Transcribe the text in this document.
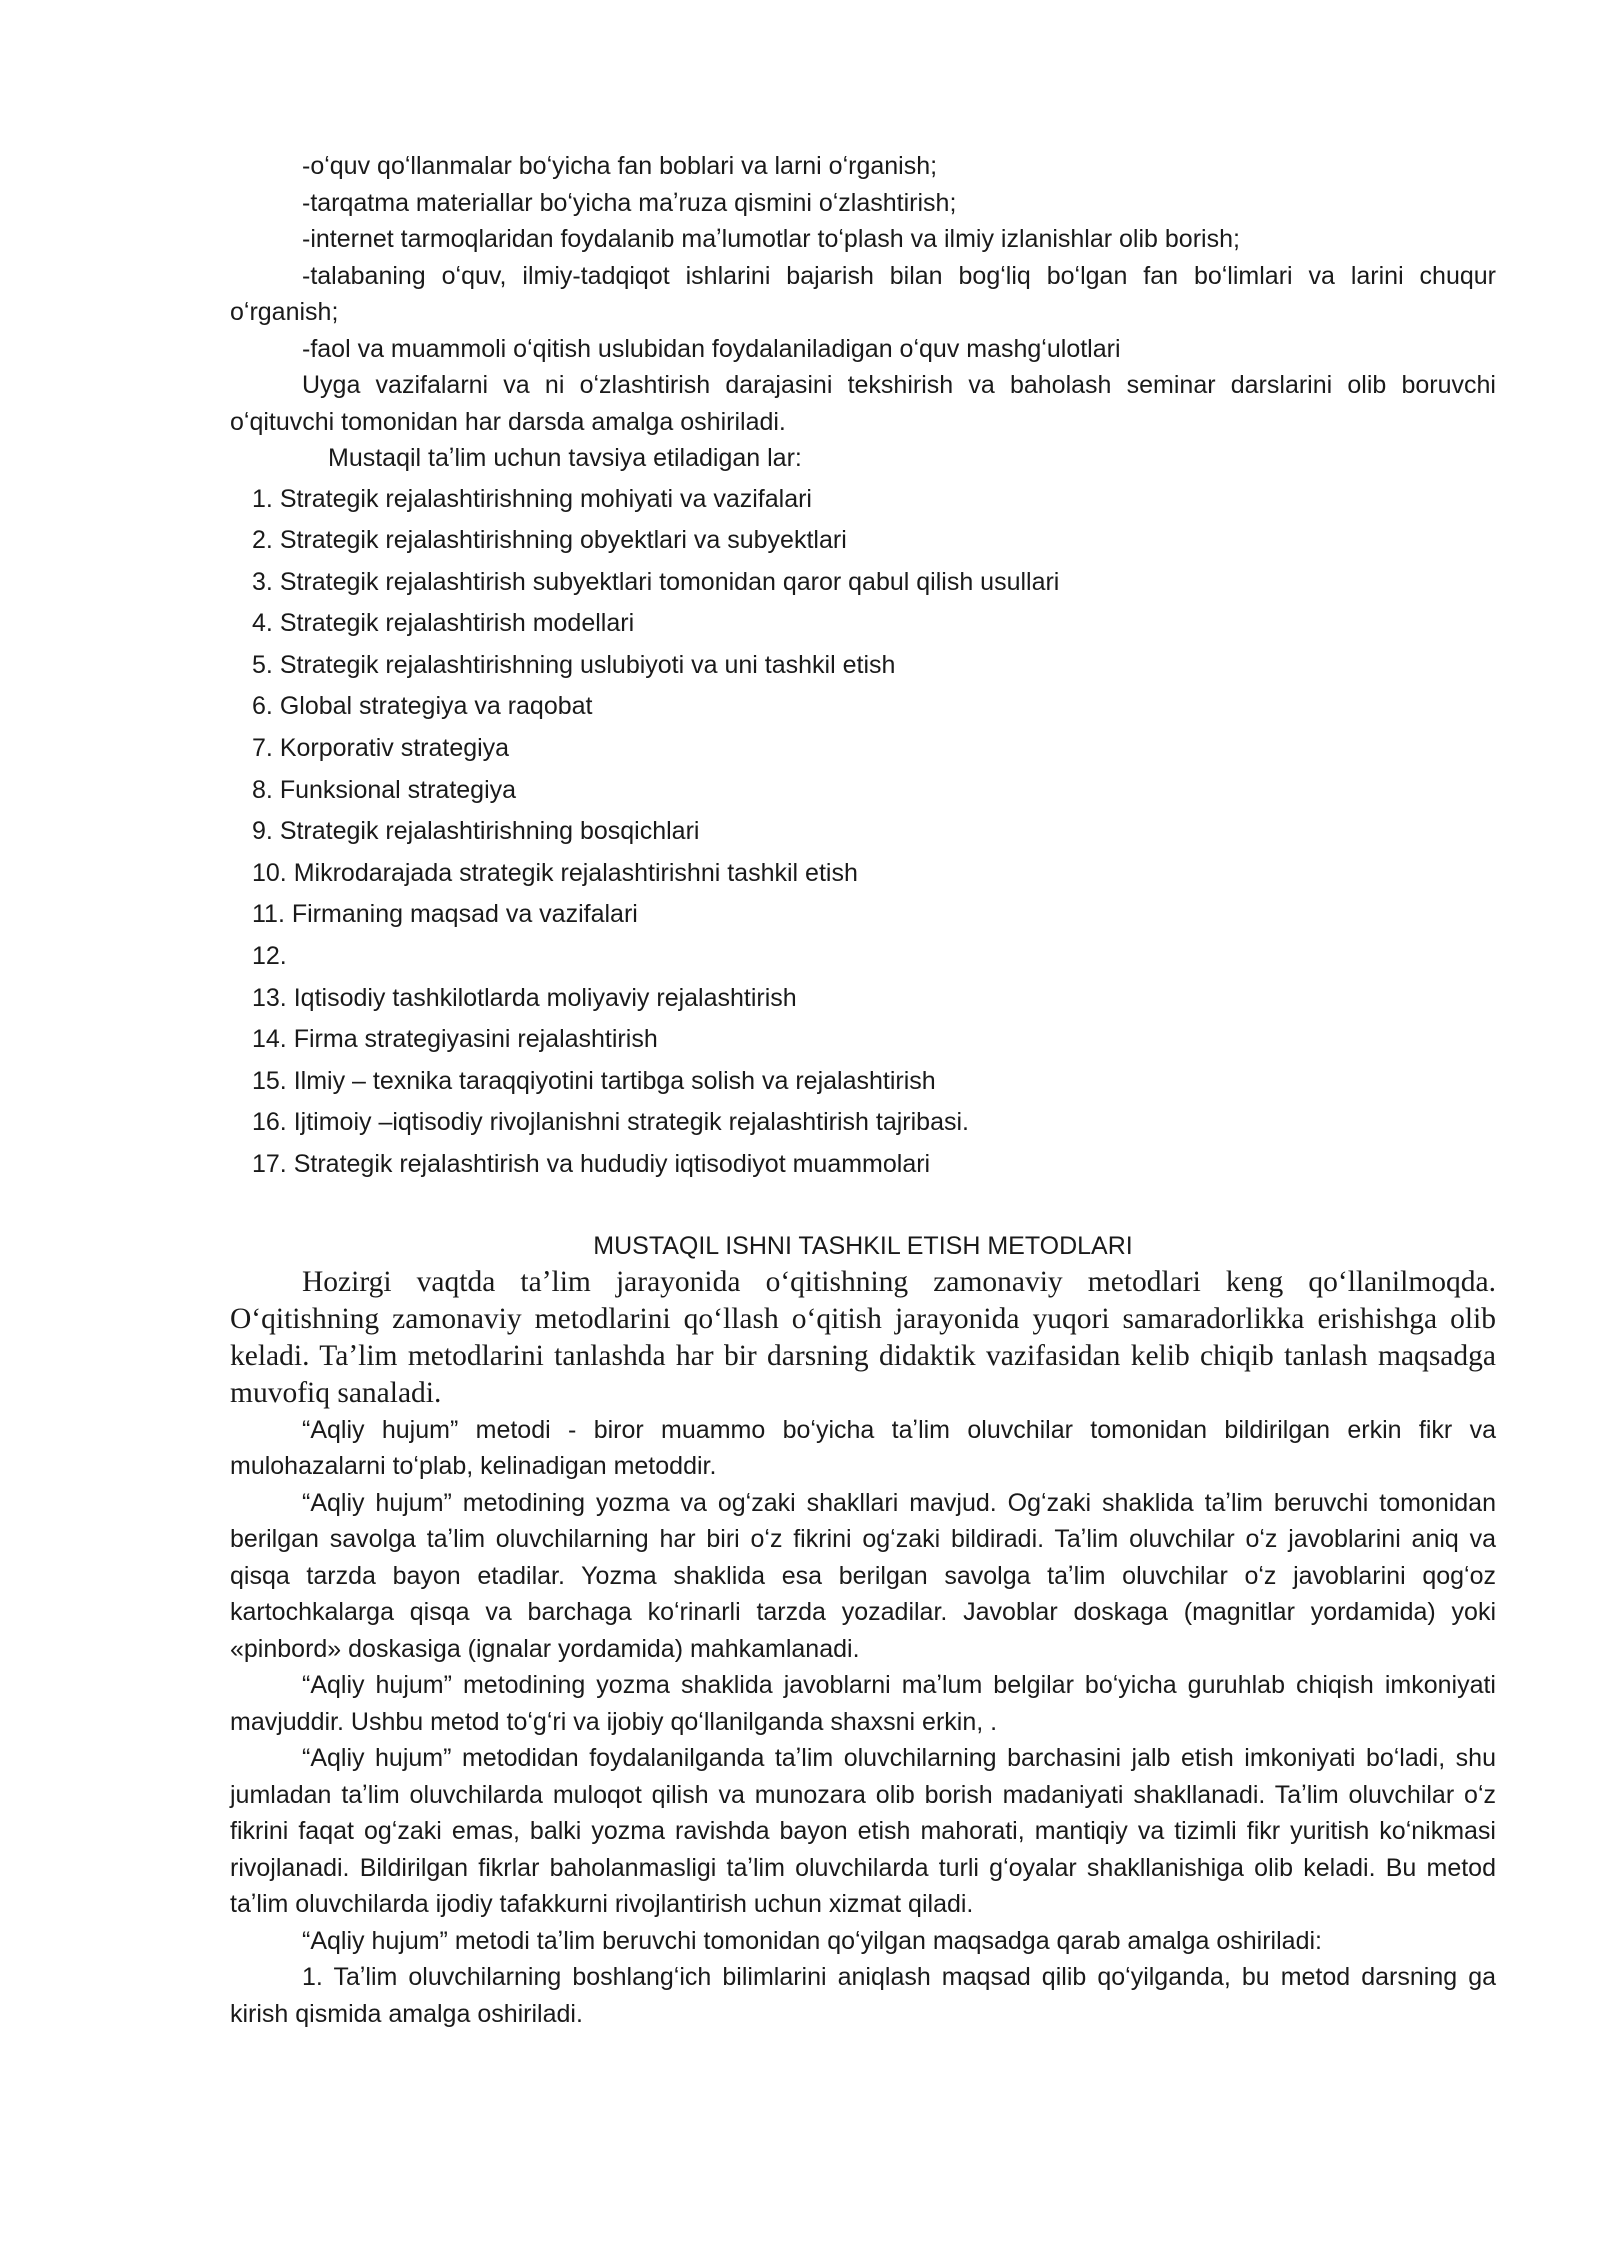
-oʻquv qoʻllanmalar boʻyicha fan boblari va larni oʻrganish;

-tarqatma materiallar boʻyicha maʼruza qismini oʻzlashtirish;

-internet tarmoqlaridan foydalanib maʼlumotlar toʻplash va ilmiy izlanishlar olib borish;

-talabaning oʻquv, ilmiy-tadqiqot ishlarini bajarish bilan bogʻliq boʻlgan fan boʻlimlari va larini chuqur oʻrganish;

-faol va muammoli oʻqitish uslubidan foydalaniladigan oʻquv mashgʻulotlari

Uyga vazifalarni va ni oʻzlashtirish darajasini tekshirish va baholash seminar darslarini olib boruvchi oʻqituvchi tomonidan har darsda amalga oshiriladi.

Mustaqil taʼlim uchun tavsiya etiladigan lar:

1.
Strategik rejalashtirishning mohiyati va vazifalari
2.
Strategik rejalashtirishning obyektlari va subyektlari
3.
Strategik rejalashtirish subyektlari tomonidan qaror qabul qilish usullari
4.
Strategik rejalashtirish modellari
5.
Strategik rejalashtirishning uslubiyoti va uni tashkil etish
6.
Global strategiya va raqobat
7.
Korporativ strategiya
8.
Funksional strategiya
9.
Strategik rejalashtirishning bosqichlari
10.
Mikrodarajada strategik rejalashtirishni tashkil etish
11.
Firmaning maqsad va vazifalari
12.

13.
Iqtisodiy tashkilotlarda moliyaviy rejalashtirish
14.
Firma strategiyasini rejalashtirish
15.
Ilmiy – texnika taraqqiyotini tartibga solish va rejalashtirish
16.
Ijtimoiy –iqtisodiy rivojlanishni strategik rejalashtirish tajribasi.
17.
Strategik rejalashtirish va hududiy iqtisodiyot muammolari

MUSTAQIL ISHNI TASHKIL ETISH METODLARI

Hozirgi vaqtda taʼlim jarayonida oʻqitishning zamonaviy metodlari keng qoʻllanilmoqda. Oʻqitishning zamonaviy metodlarini qoʻllash oʻqitish jarayonida yuqori samaradorlikka erishishga olib keladi. Taʼlim metodlarini tanlashda har bir darsning didaktik vazifasidan kelib chiqib tanlash maqsadga muvofiq sanaladi.

“Aqliy hujum” metodi - biror muammo boʻyicha taʼlim oluvchilar tomonidan bildirilgan erkin fikr va mulohazalarni toʻplab, kelinadigan metoddir.

“Aqliy hujum” metodining yozma va ogʻzaki shakllari mavjud. Ogʻzaki shaklida taʼlim beruvchi tomonidan berilgan savolga taʼlim oluvchilarning har biri oʻz fikrini ogʻzaki bildiradi. Taʼlim oluvchilar oʻz javoblarini aniq va qisqa tarzda bayon etadilar. Yozma shaklida esa berilgan savolga taʼlim oluvchilar oʻz javoblarini qogʻoz kartochkalarga qisqa va barchaga koʻrinarli tarzda yozadilar. Javoblar doskaga (magnitlar yordamida) yoki «pinbord» doskasiga (ignalar yordamida) mahkamlanadi.

“Aqliy hujum” metodining yozma shaklida javoblarni maʼlum belgilar boʻyicha guruhlab chiqish imkoniyati mavjuddir. Ushbu metod toʻgʻri va ijobiy qoʻllanilganda shaxsni erkin, .

“Aqliy hujum” metodidan foydalanilganda taʼlim oluvchilarning barchasini jalb etish imkoniyati boʻladi, shu jumladan taʼlim oluvchilarda muloqot qilish va munozara olib borish madaniyati shakllanadi. Taʼlim oluvchilar oʻz fikrini faqat ogʻzaki emas, balki yozma ravishda bayon etish mahorati, mantiqiy va tizimli fikr yuritish koʻnikmasi rivojlanadi. Bildirilgan fikrlar baholanmasligi taʼlim oluvchilarda turli gʻoyalar shakllanishiga olib keladi. Bu metod taʼlim oluvchilarda ijodiy tafakkurni rivojlantirish uchun xizmat qiladi.

“Aqliy hujum” metodi taʼlim beruvchi tomonidan qoʻyilgan maqsadga qarab amalga oshiriladi:

1. Taʼlim oluvchilarning boshlangʻich bilimlarini aniqlash maqsad qilib qoʻyilganda, bu metod darsning ga kirish qismida amalga oshiriladi.
